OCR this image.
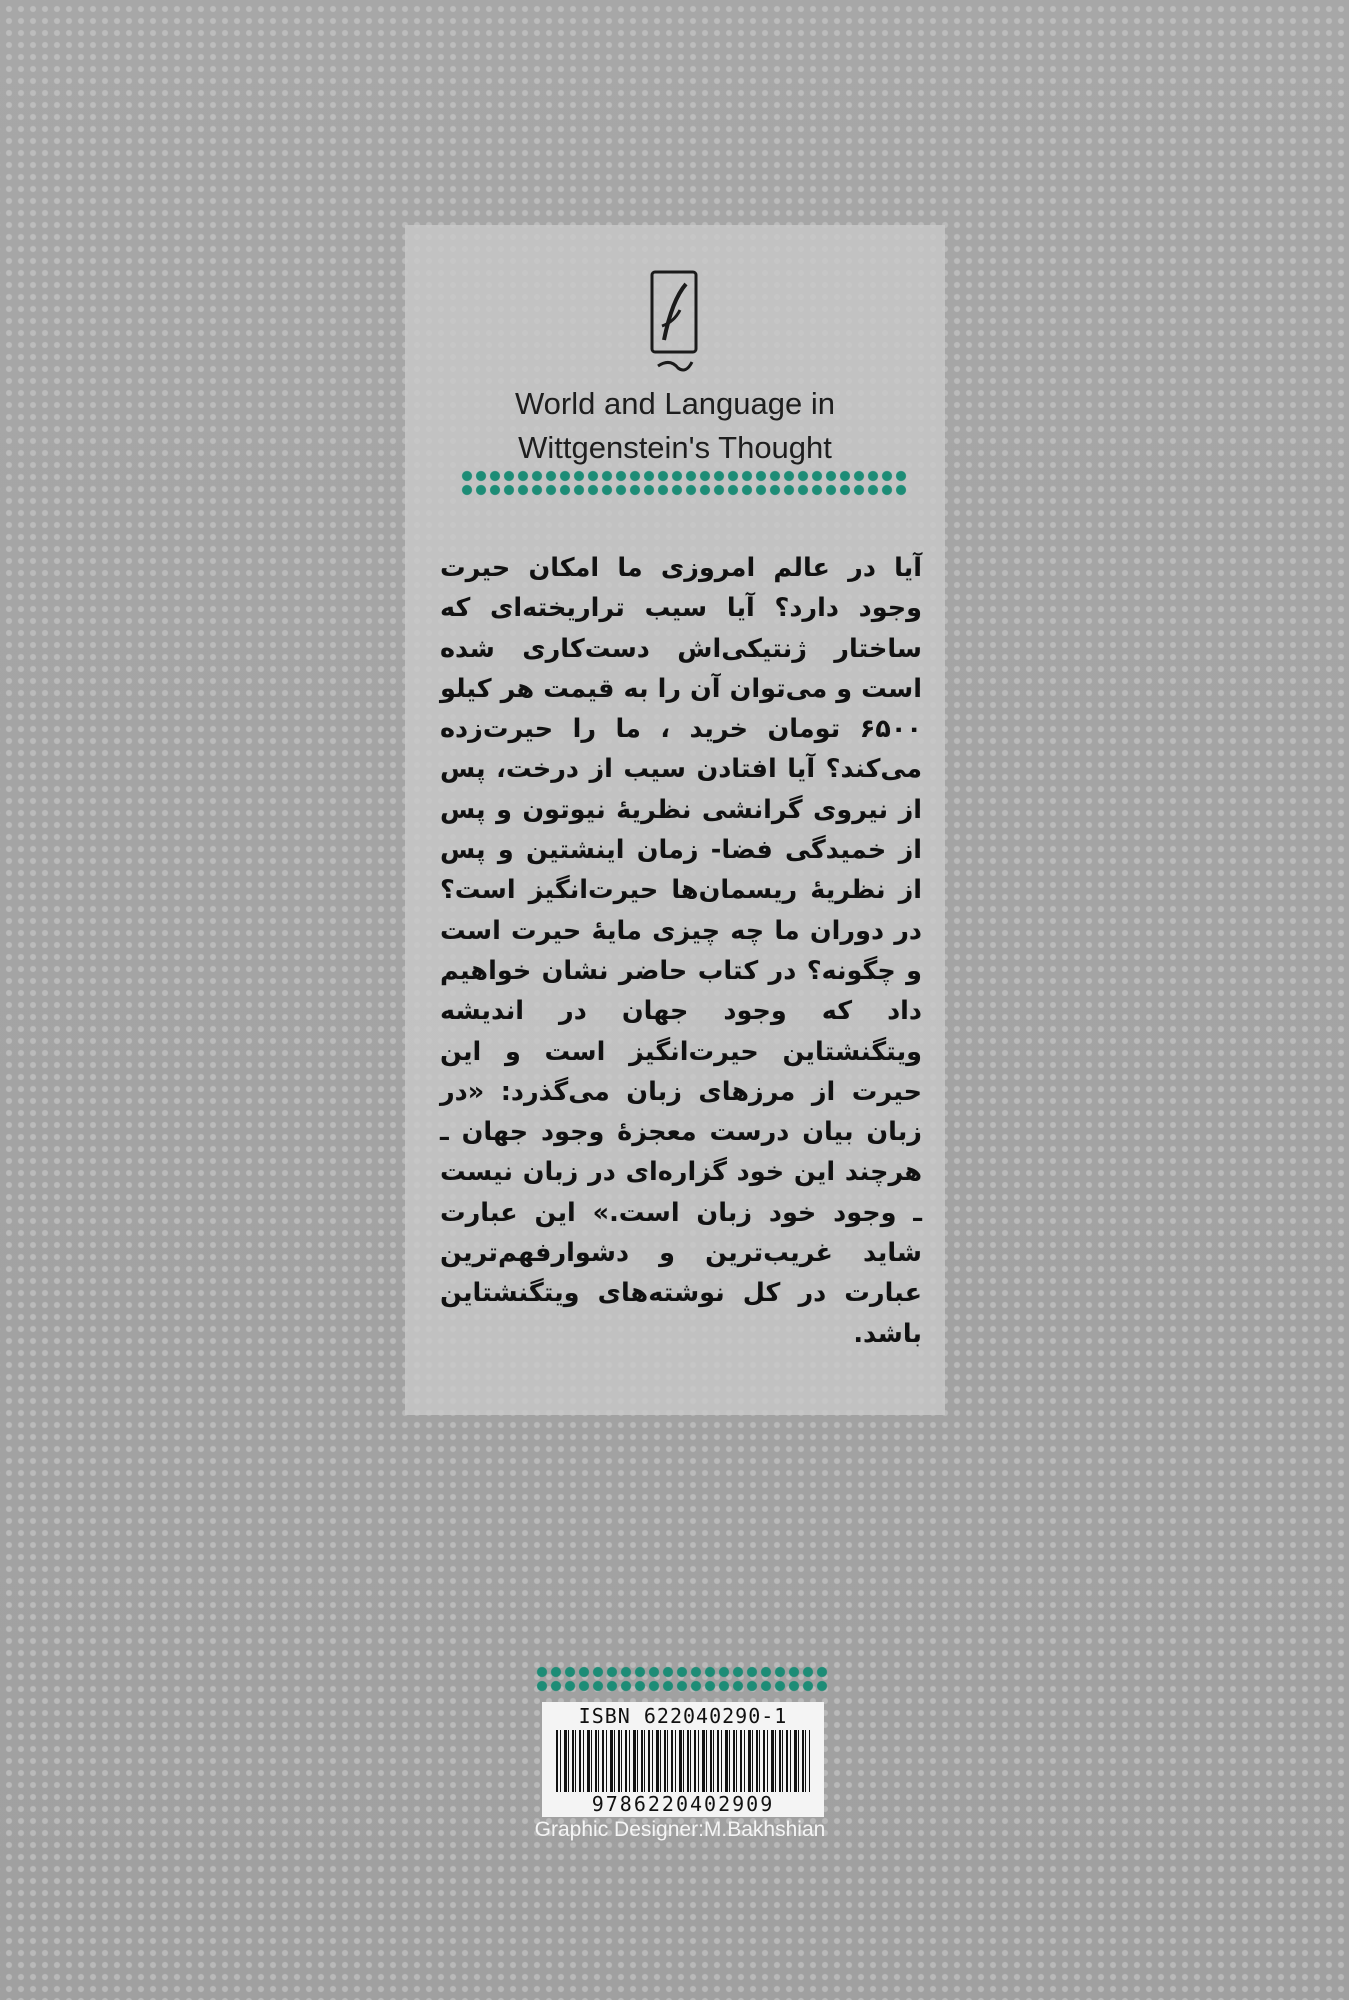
World and Language in
Wittgenstein's Thought
آیا در عالم امروزی ما امکان حیرت وجود دارد؟ آیا سیب تراریخته‌ای که ساختار ژنتیکی‌اش دست‌کاری شده است و می‌توان آن را به قیمت هر کیلو ۶۵۰۰ تومان خرید ، ما را حیرت‌زده می‌کند؟ آیا افتادن سیب از درخت، پس از نیروی گرانشی نظریهٔ نیوتون و پس از خمیدگی فضا- زمان اینشتین و پس از نظریهٔ ریسمان‌ها حیرت‌انگیز است؟ در دوران ما چه چیزی مایهٔ حیرت است و چگونه؟ در کتاب حاضر نشان خواهیم داد که وجود جهان در اندیشه ویتگنشتاین حیرت‌انگیز است و این حیرت از مرزهای زبان می‌گذرد: «در زبان بیان درست معجزهٔ وجود جهان ـ هرچند این خود گزاره‌ای در زبان نیست ـ وجود خود زبان است.» این عبارت شاید غریب‌ترین و دشوارفهم‌ترین عبارت در کل نوشته‌های ویتگنشتاین باشد.
ISBN 622040290-1
9786220402909
Graphic Designer:M.Bakhshian
